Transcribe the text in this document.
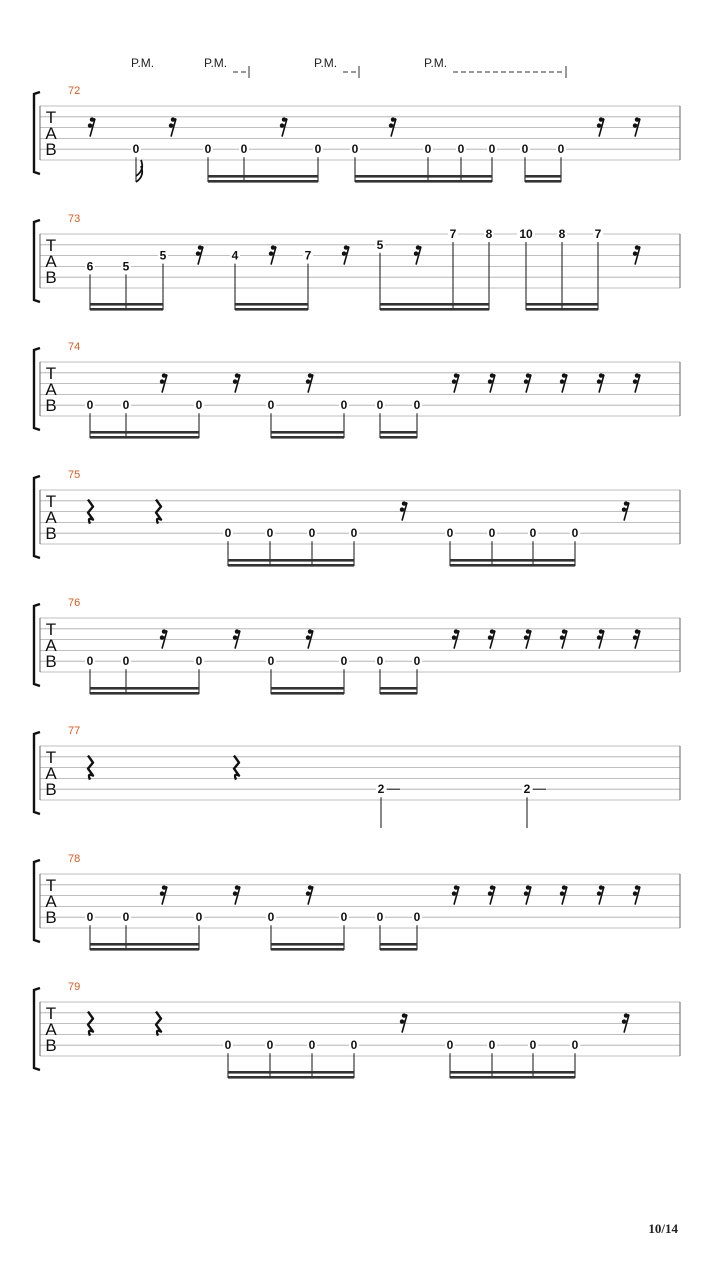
P.M.	P.M.	P.M.	P.M.
72
T
A
B	0	0 0	0	0	0 0 0 0 0
73
T
A
B
6 5
5	4	7
5
7 8 10 8 7
74
T
A
B 0 0	0	0	0 0	0
75
T
A
B	0	0	0	0	0	0	0	0
76
T
A
B 0 0	0	0	0 0	0
77
T
A
B	2	2
78
T
A
B 0 0	0	0	0 0	0
79
T
A
B	0	0	0	0	0	0	0	0
10/14
